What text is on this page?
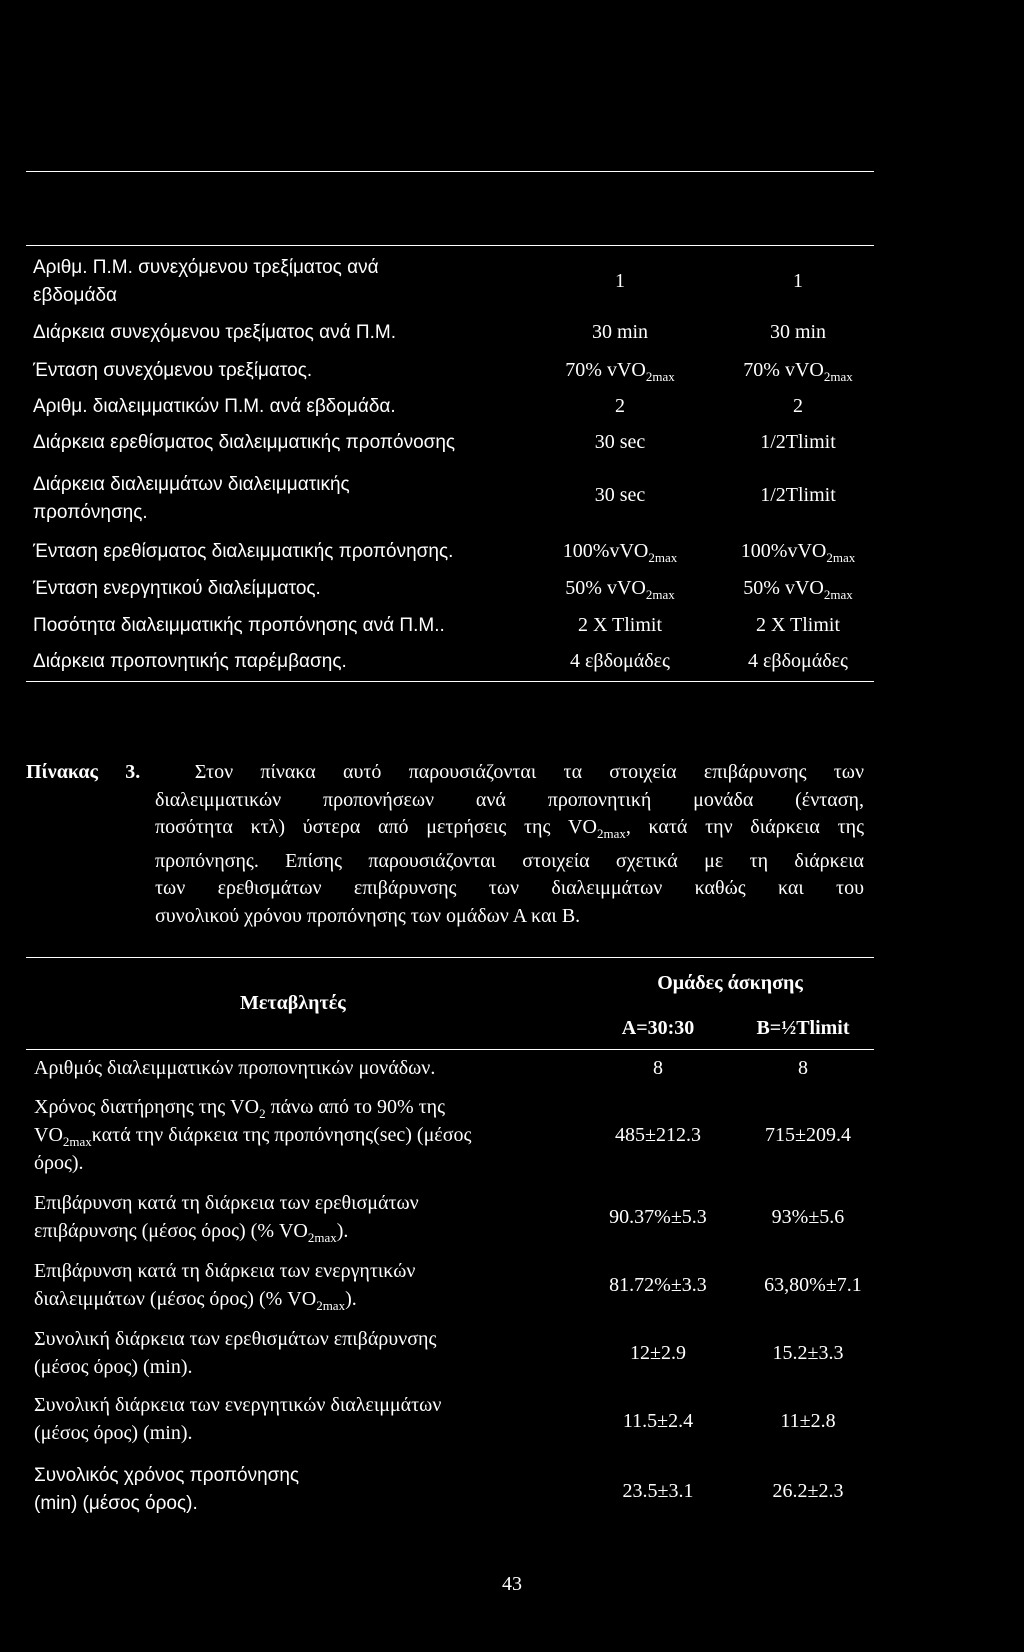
Αριθμ. Π.Μ. συνεχόμενου τρεξίματος ανά
εβδομάδα
1	1
Διάρκεια συνεχόμενου τρεξίματος ανά Π.Μ.	30 min	30 min
Ένταση συνεχόμενου τρεξίματος.	70% vVO$_{2max}$	70% vVO$_{2max}$
Αριθμ. διαλειμματικών Π.Μ. ανά εβδομάδα.	2	2
Διάρκεια ερεθίσματος διαλειμματικής προπόνοσης	30 sec	1/2Tlimit
Διάρκεια διαλειμμάτων διαλειμματικής
προπόνησης.
30 sec	1/2Tlimit
Ένταση ερεθίσματος διαλειμματικής προπόνησης.	100%vVO$_{2max}$	100%vVO$_{2max}$
Ένταση ενεργητικού διαλείμματος.	50% vVO$_{2max}$	50% vVO$_{2max}$
Ποσότητα διαλειμματικής προπόνησης ανά Π.Μ..	2 X Tlimit	2 X Tlimit
Διάρκεια προπονητικής παρέμβασης.	4 εβδομάδες	4 εβδομάδες
Πίνακας 3.	Στον πίνακα αυτό παρουσιάζονται τα στοιχεία επιβάρυνσης των
διαλειμματικών προπονήσεων ανά προπονητική μονάδα (ένταση,
ποσότητα κτλ) ύστερα από μετρήσεις της $VO_{2max}$, κατά την διάρκεια της
προπόνησης. Επίσης παρουσιάζονται στοιχεία σχετικά με τη διάρκεια
των ερεθισμάτων επιβάρυνσης των διαλειμμάτων καθώς και του
συνολικού χρόνου προπόνησης των ομάδων Α και Β.
Μεταβλητές
Ομάδες άσκησης
Α=30:30	Β=½Tlimit
Αριθμός διαλειμματικών προπονητικών μονάδων.	8	8
Χρόνος διατήρησης της $VO_2$ πάνω από το 90% της
$VO_{2max}\kappa\alpha\tau ά$ την διάρκεια της προπόνησης(sec) (μέσος
όρος).
485±212.3	715±209.4
Επιβάρυνση κατά τη διάρκεια των ερεθισμάτων
επιβάρυνσης (μέσος όρος) (% $VO_{2max}$).
90.37%±5.3	93%±5.6
Επιβάρυνση κατά τη διάρκεια των ενεργητικών
διαλειμμάτων (μέσος όρος) (% $VO_{2max}$).
81.72%±3.3	63,80%±7.1
Συνολική διάρκεια των ερεθισμάτων επιβάρυνσης
(μέσος όρος) (min).
12±2.9	15.2±3.3
Συνολική διάρκεια των ενεργητικών διαλειμμάτων
(μέσος όρος) (min).
11.5±2.4	11±2.8
Συνολικός χρόνος προπόνησης
(min) (μέσος όρος).
23.5±3.1	26.2±2.3
43
